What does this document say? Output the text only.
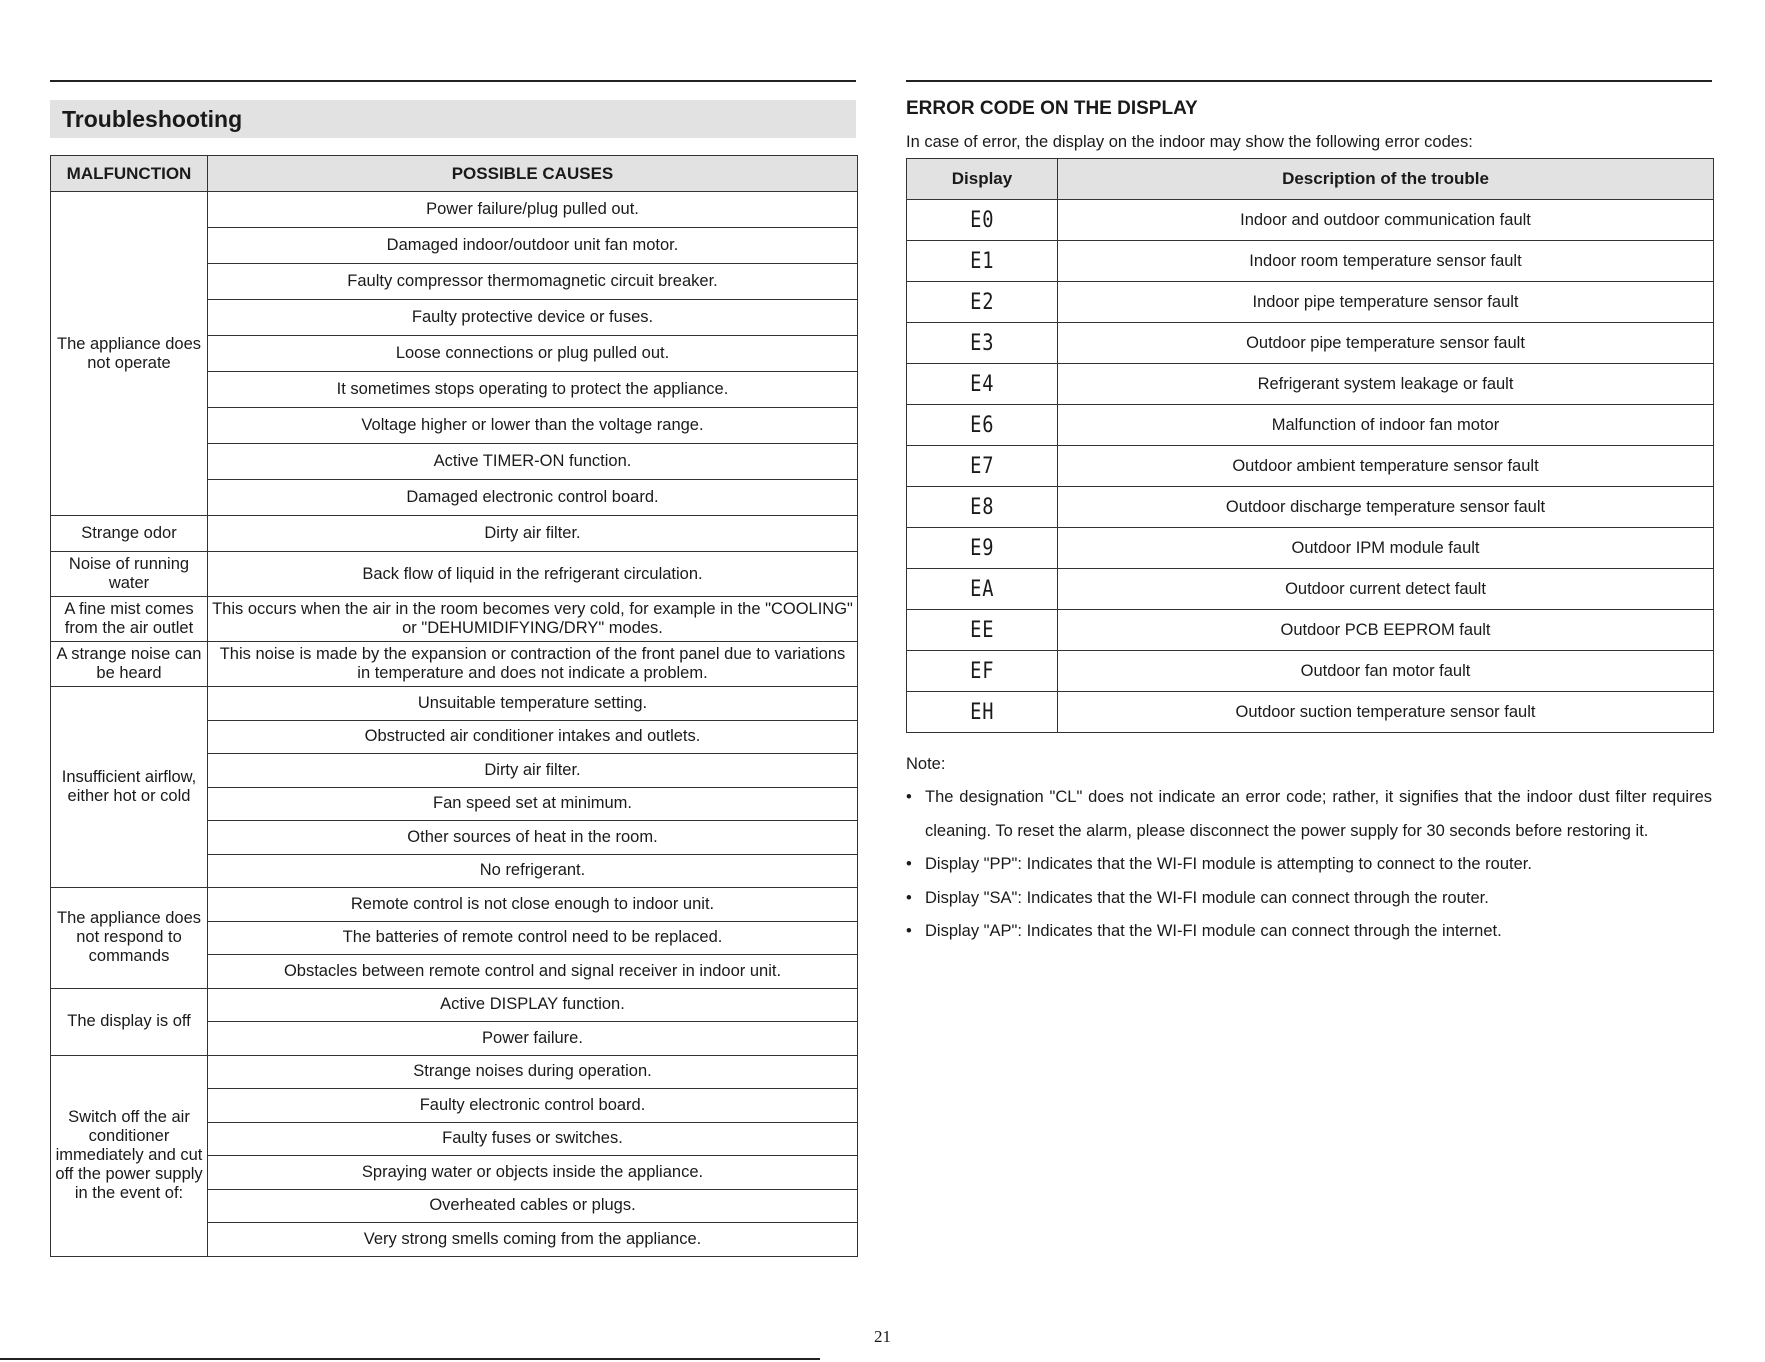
Troubleshooting
MALFUNCTION	POSSIBLE CAUSES
The appliance does not operate	Power failure/plug pulled out.
	Damaged indoor/outdoor unit fan motor.
	Faulty compressor thermomagnetic circuit breaker.
	Faulty protective device or fuses.
	Loose connections or plug pulled out.
	It sometimes stops operating to protect the appliance.
	Voltage higher or lower than the voltage range.
	Active TIMER-ON function.
	Damaged electronic control board.
Strange odor	Dirty air filter.
Noise of running water	Back flow of liquid in the refrigerant circulation.
A fine mist comes from the air outlet	This occurs when the air in the room becomes very cold, for example in the "COOLING" or "DEHUMIDIFYING/DRY" modes.
A strange noise can be heard	This noise is made by the expansion or contraction of the front panel due to variations in temperature and does not indicate a problem.
Insufficient airflow, either hot or cold	Unsuitable temperature setting.
	Obstructed air conditioner intakes and outlets.
	Dirty air filter.
	Fan speed set at minimum.
	Other sources of heat in the room.
	No refrigerant.
The appliance does not respond to commands	Remote control is not close enough to indoor unit.
	The batteries of remote control need to be replaced.
	Obstacles between remote control and signal receiver in indoor unit.
The display is off	Active DISPLAY function.
	Power failure.
Switch off the air conditioner immediately and cut off the power supply in the event of:	Strange noises during operation.
	Faulty electronic control board.
	Faulty fuses or switches.
	Spraying water or objects inside the appliance.
	Overheated cables or plugs.
	Very strong smells coming from the appliance.
ERROR CODE ON THE DISPLAY
In case of error, the display on the indoor may show the following error codes:
Display	Description of the trouble
E0	Indoor and outdoor communication fault
E1	Indoor room temperature sensor fault
E2	Indoor pipe temperature sensor fault
E3	Outdoor pipe temperature sensor fault
E4	Refrigerant system leakage or fault
E6	Malfunction of indoor fan motor
E7	Outdoor ambient temperature sensor fault
E8	Outdoor discharge temperature sensor fault
E9	Outdoor IPM module fault
EA	Outdoor current detect fault
EE	Outdoor PCB EEPROM fault
EF	Outdoor fan motor fault
EH	Outdoor suction temperature sensor fault
Note:
• The designation "CL" does not indicate an error code; rather, it signifies that the indoor dust filter requires cleaning. To reset the alarm, please disconnect the power supply for 30 seconds before restoring it.
• Display "PP": Indicates that the WI-FI module is attempting to connect to the router.
• Display "SA": Indicates that the WI-FI module can connect through the router.
• Display "AP": Indicates that the WI-FI module can connect through the internet.
21
